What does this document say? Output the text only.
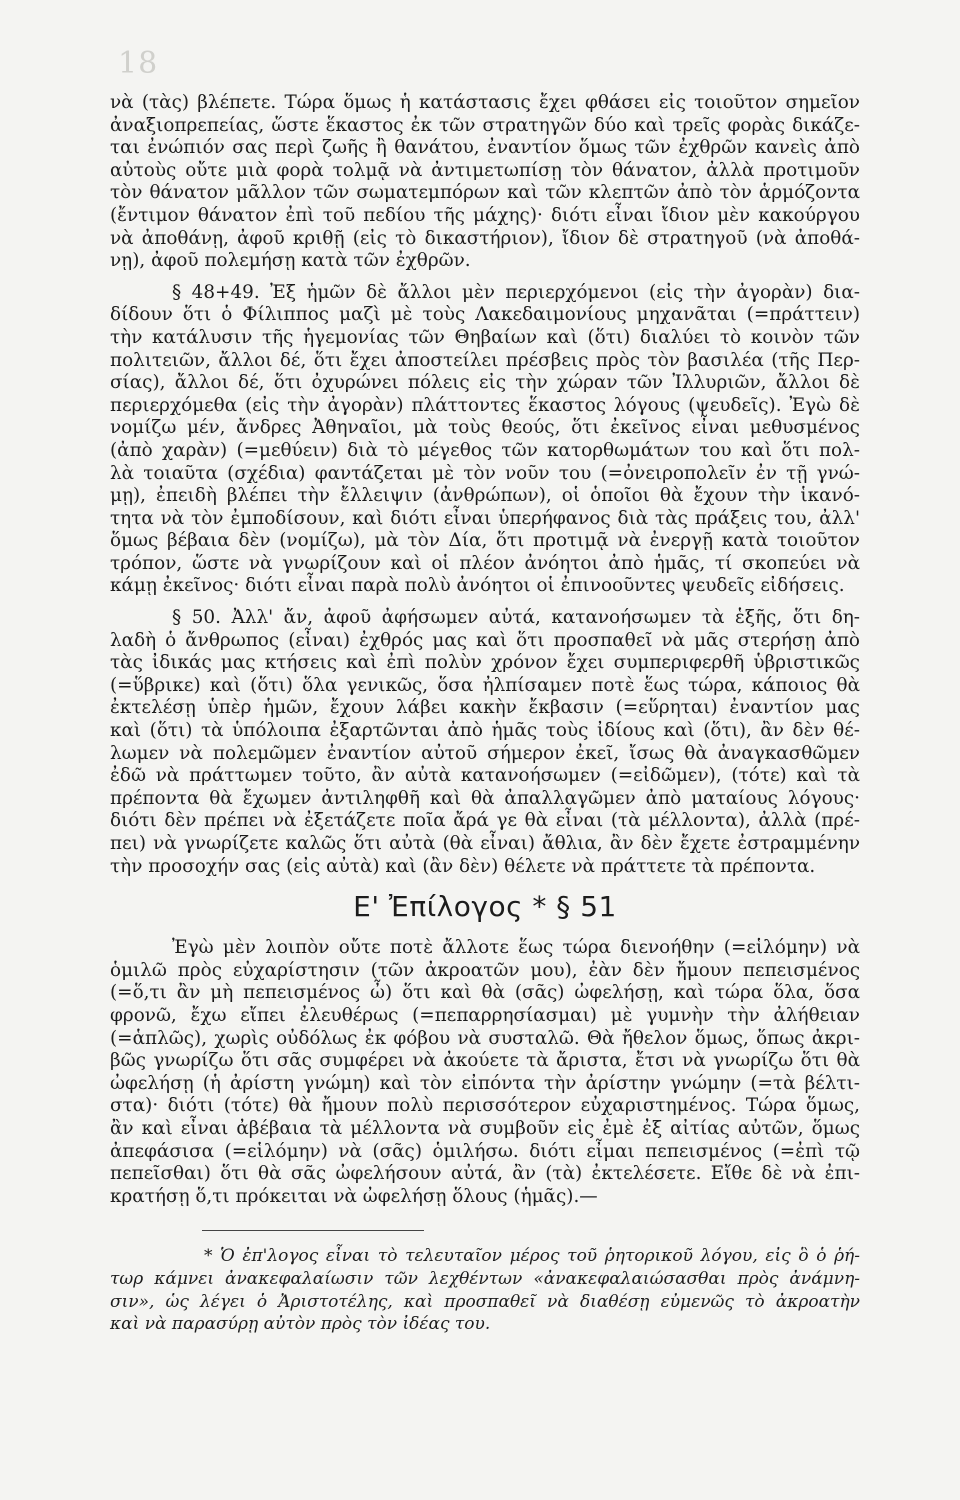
18
νὰ (τὰς) βλέπετε. Τώρα ὅμως ἡ κατάστασις ἔχει φθάσει εἰς τοιοῦτον σημεῖον
ἀναξιοπρεπείας, ὥστε ἕκαστος ἐκ τῶν στρατηγῶν δύο καὶ τρεῖς φορὰς δικάζε-
ται ἐνώπιόν σας περὶ ζωῆς ἢ θανάτου, ἐναντίον ὅμως τῶν ἐχθρῶν κανεὶς ἀπὸ
αὐτοὺς οὔτε μιὰ φορὰ τολμᾷ νὰ ἀντιμετωπίσῃ τὸν θάνατον, ἀλλὰ προτιμοῦν
τὸν θάνατον μᾶλλον τῶν σωματεμπόρων καὶ τῶν κλεπτῶν ἀπὸ τὸν ἁρμόζοντα
(ἔντιμον θάνατον ἐπὶ τοῦ πεδίου τῆς μάχης)· διότι εἶναι ἴδιον μὲν κακούργου
νὰ ἀποθάνῃ, ἀφοῦ κριθῇ (εἰς τὸ δικαστήριον), ἴδιον δὲ στρατηγοῦ (νὰ ἀποθά-
νῃ), ἀφοῦ πολεμήσῃ κατὰ τῶν ἐχθρῶν.
§ 48+49. Ἐξ ἡμῶν δὲ ἄλλοι μὲν περιερχόμενοι (εἰς τὴν ἀγορὰν) δια-
δίδουν ὅτι ὁ Φίλιππος μαζὶ μὲ τοὺς Λακεδαιμονίους μηχανᾶται (=πράττειν)
τὴν κατάλυσιν τῆς ἡγεμονίας τῶν Θηβαίων καὶ (ὅτι) διαλύει τὸ κοινὸν τῶν
πολιτειῶν, ἄλλοι δέ, ὅτι ἔχει ἀποστείλει πρέσβεις πρὸς τὸν βασιλέα (τῆς Περ-
σίας), ἄλλοι δέ, ὅτι ὀχυρώνει πόλεις εἰς τὴν χώραν τῶν Ἰλλυριῶν, ἄλλοι δὲ
περιερχόμεθα (εἰς τὴν ἀγορὰν) πλάττοντες ἕκαστος λόγους (ψευδεῖς). Ἐγὼ δὲ
νομίζω μέν, ἄνδρες Ἀθηναῖοι, μὰ τοὺς θεούς, ὅτι ἐκεῖνος εἶναι μεθυσμένος
(ἀπὸ χαρὰν) (=μεθύειν) διὰ τὸ μέγεθος τῶν κατορθωμάτων του καὶ ὅτι πολ-
λὰ τοιαῦτα (σχέδια) φαντάζεται μὲ τὸν νοῦν του (=ὀνειροπολεῖν ἐν τῇ γνώ-
μῃ), ἐπειδὴ βλέπει τὴν ἔλλειψιν (ἀνθρώπων), οἱ ὁποῖοι θὰ ἔχουν τὴν ἱκανό-
τητα νὰ τὸν ἐμποδίσουν, καὶ διότι εἶναι ὑπερήφανος διὰ τὰς πράξεις του, ἀλλ'
ὅμως βέβαια δὲν (νομίζω), μὰ τὸν Δία, ὅτι προτιμᾷ νὰ ἐνεργῇ κατὰ τοιοῦτον
τρόπον, ὥστε νὰ γνωρίζουν καὶ οἱ πλέον ἀνόητοι ἀπὸ ἡμᾶς, τί σκοπεύει νὰ
κάμῃ ἐκεῖνος· διότι εἶναι παρὰ πολὺ ἀνόητοι οἱ ἐπινοοῦντες ψευδεῖς εἰδήσεις.
§ 50. Ἀλλ' ἄν, ἀφοῦ ἀφήσωμεν αὐτά, κατανοήσωμεν τὰ ἑξῆς, ὅτι δη-
λαδὴ ὁ ἄνθρωπος (εἶναι) ἐχθρός μας καὶ ὅτι προσπαθεῖ νὰ μᾶς στερήσῃ ἀπὸ
τὰς ἰδικάς μας κτήσεις καὶ ἐπὶ πολὺν χρόνον ἔχει συμπεριφερθῆ ὑβριστικῶς
(=ὕβρικε) καὶ (ὅτι) ὅλα γενικῶς, ὅσα ἠλπίσαμεν ποτὲ ἕως τώρα, κάποιος θὰ
ἐκτελέσῃ ὑπὲρ ἡμῶν, ἔχουν λάβει κακὴν ἔκβασιν (=εὕρηται) ἐναντίον μας
καὶ (ὅτι) τὰ ὑπόλοιπα ἐξαρτῶνται ἀπὸ ἡμᾶς τοὺς ἰδίους καὶ (ὅτι), ἂν δὲν θέ-
λωμεν νὰ πολεμῶμεν ἐναντίον αὐτοῦ σήμερον ἐκεῖ, ἴσως θὰ ἀναγκασθῶμεν
ἐδῶ νὰ πράττωμεν τοῦτο, ἂν αὐτὰ κατανοήσωμεν (=εἰδῶμεν), (τότε) καὶ τὰ
πρέποντα θὰ ἔχωμεν ἀντιληφθῆ καὶ θὰ ἀπαλλαγῶμεν ἀπὸ ματαίους λόγους·
διότι δὲν πρέπει νὰ ἐξετάζετε ποῖα ἄρά γε θὰ εἶναι (τὰ μέλλοντα), ἀλλὰ (πρέ-
πει) νὰ γνωρίζετε καλῶς ὅτι αὐτὰ (θὰ εἶναι) ἄθλια, ἂν δὲν ἔχετε ἐστραμμένην
τὴν προσοχήν σας (εἰς αὐτὰ) καὶ (ἂν δὲν) θέλετε νὰ πράττετε τὰ πρέποντα.
Ε' Ἐπίλογος * § 51
Ἐγὼ μὲν λοιπὸν οὔτε ποτὲ ἄλλοτε ἕως τώρα διενοήθην (=εἱλόμην) νὰ
ὁμιλῶ πρὸς εὐχαρίστησιν (τῶν ἀκροατῶν μου), ἐὰν δὲν ἤμουν πεπεισμένος
(=ὅ,τι ἂν μὴ πεπεισμένος ὦ) ὅτι καὶ θὰ (σᾶς) ὠφελήσῃ, καὶ τώρα ὅλα, ὅσα
φρονῶ, ἔχω εἴπει ἐλευθέρως (=πεπαρρησίασμαι) μὲ γυμνὴν τὴν ἀλήθειαν
(=ἁπλῶς), χωρὶς οὐδόλως ἐκ φόβου νὰ συσταλῶ. Θὰ ἤθελον ὅμως, ὅπως ἀκρι-
βῶς γνωρίζω ὅτι σᾶς συμφέρει νὰ ἀκούετε τὰ ἄριστα, ἔτσι νὰ γνωρίζω ὅτι θὰ
ὠφελήσῃ (ἡ ἀρίστη γνώμη) καὶ τὸν εἰπόντα τὴν ἀρίστην γνώμην (=τὰ βέλτι-
στα)· διότι (τότε) θὰ ἤμουν πολὺ περισσότερον εὐχαριστημένος. Τώρα ὅμως,
ἂν καὶ εἶναι ἀβέβαια τὰ μέλλοντα νὰ συμβοῦν εἰς ἐμὲ ἐξ αἰτίας αὐτῶν, ὅμως
ἀπεφάσισα (=εἱλόμην) νὰ (σᾶς) ὁμιλήσω. διότι εἶμαι πεπεισμένος (=ἐπὶ τῷ
πεπεῖσθαι) ὅτι θὰ σᾶς ὠφελήσουν αὐτά, ἂν (τὰ) ἐκτελέσετε. Εἴθε δὲ νὰ ἐπι-
κρατήσῃ ὅ,τι πρόκειται νὰ ὠφελήσῃ ὅλους (ἡμᾶς).—
* Ὁ ἐπ'λογος εἶναι τὸ τελευταῖον μέρος τοῦ ῥητορικοῦ λόγου, εἰς ὃ ὁ ῥή-
τωρ κάμνει ἀνακεφαλαίωσιν τῶν λεχθέντων «ἀνακεφαλαιώσασθαι πρὸς ἀνάμνη-
σιν», ὡς λέγει ὁ Ἀριστοτέλης, καὶ προσπαθεῖ νὰ διαθέσῃ εὐμενῶς τὸ ἀκροατὴν
καὶ νὰ παρασύρῃ αὐτὸν πρὸς τὸν ἰδέας του.
